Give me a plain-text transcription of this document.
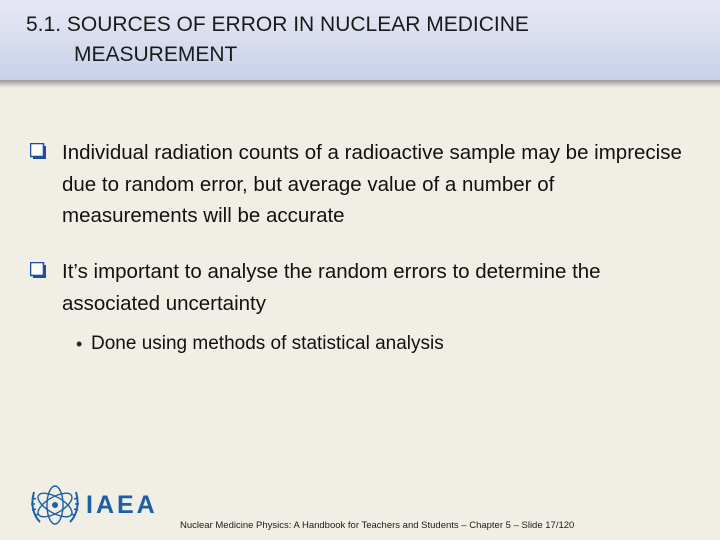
5.1. SOURCES OF ERROR IN NUCLEAR MEDICINE
MEASUREMENT
Individual radiation counts of a radioactive sample may be imprecise due to random error, but average value of a number of measurements will be accurate
It’s important to analyse the random errors to determine the associated uncertainty
• Done using methods of statistical analysis
IAEA
Nuclear Medicine Physics: A Handbook for Teachers and Students – Chapter 5 – Slide 17/120
